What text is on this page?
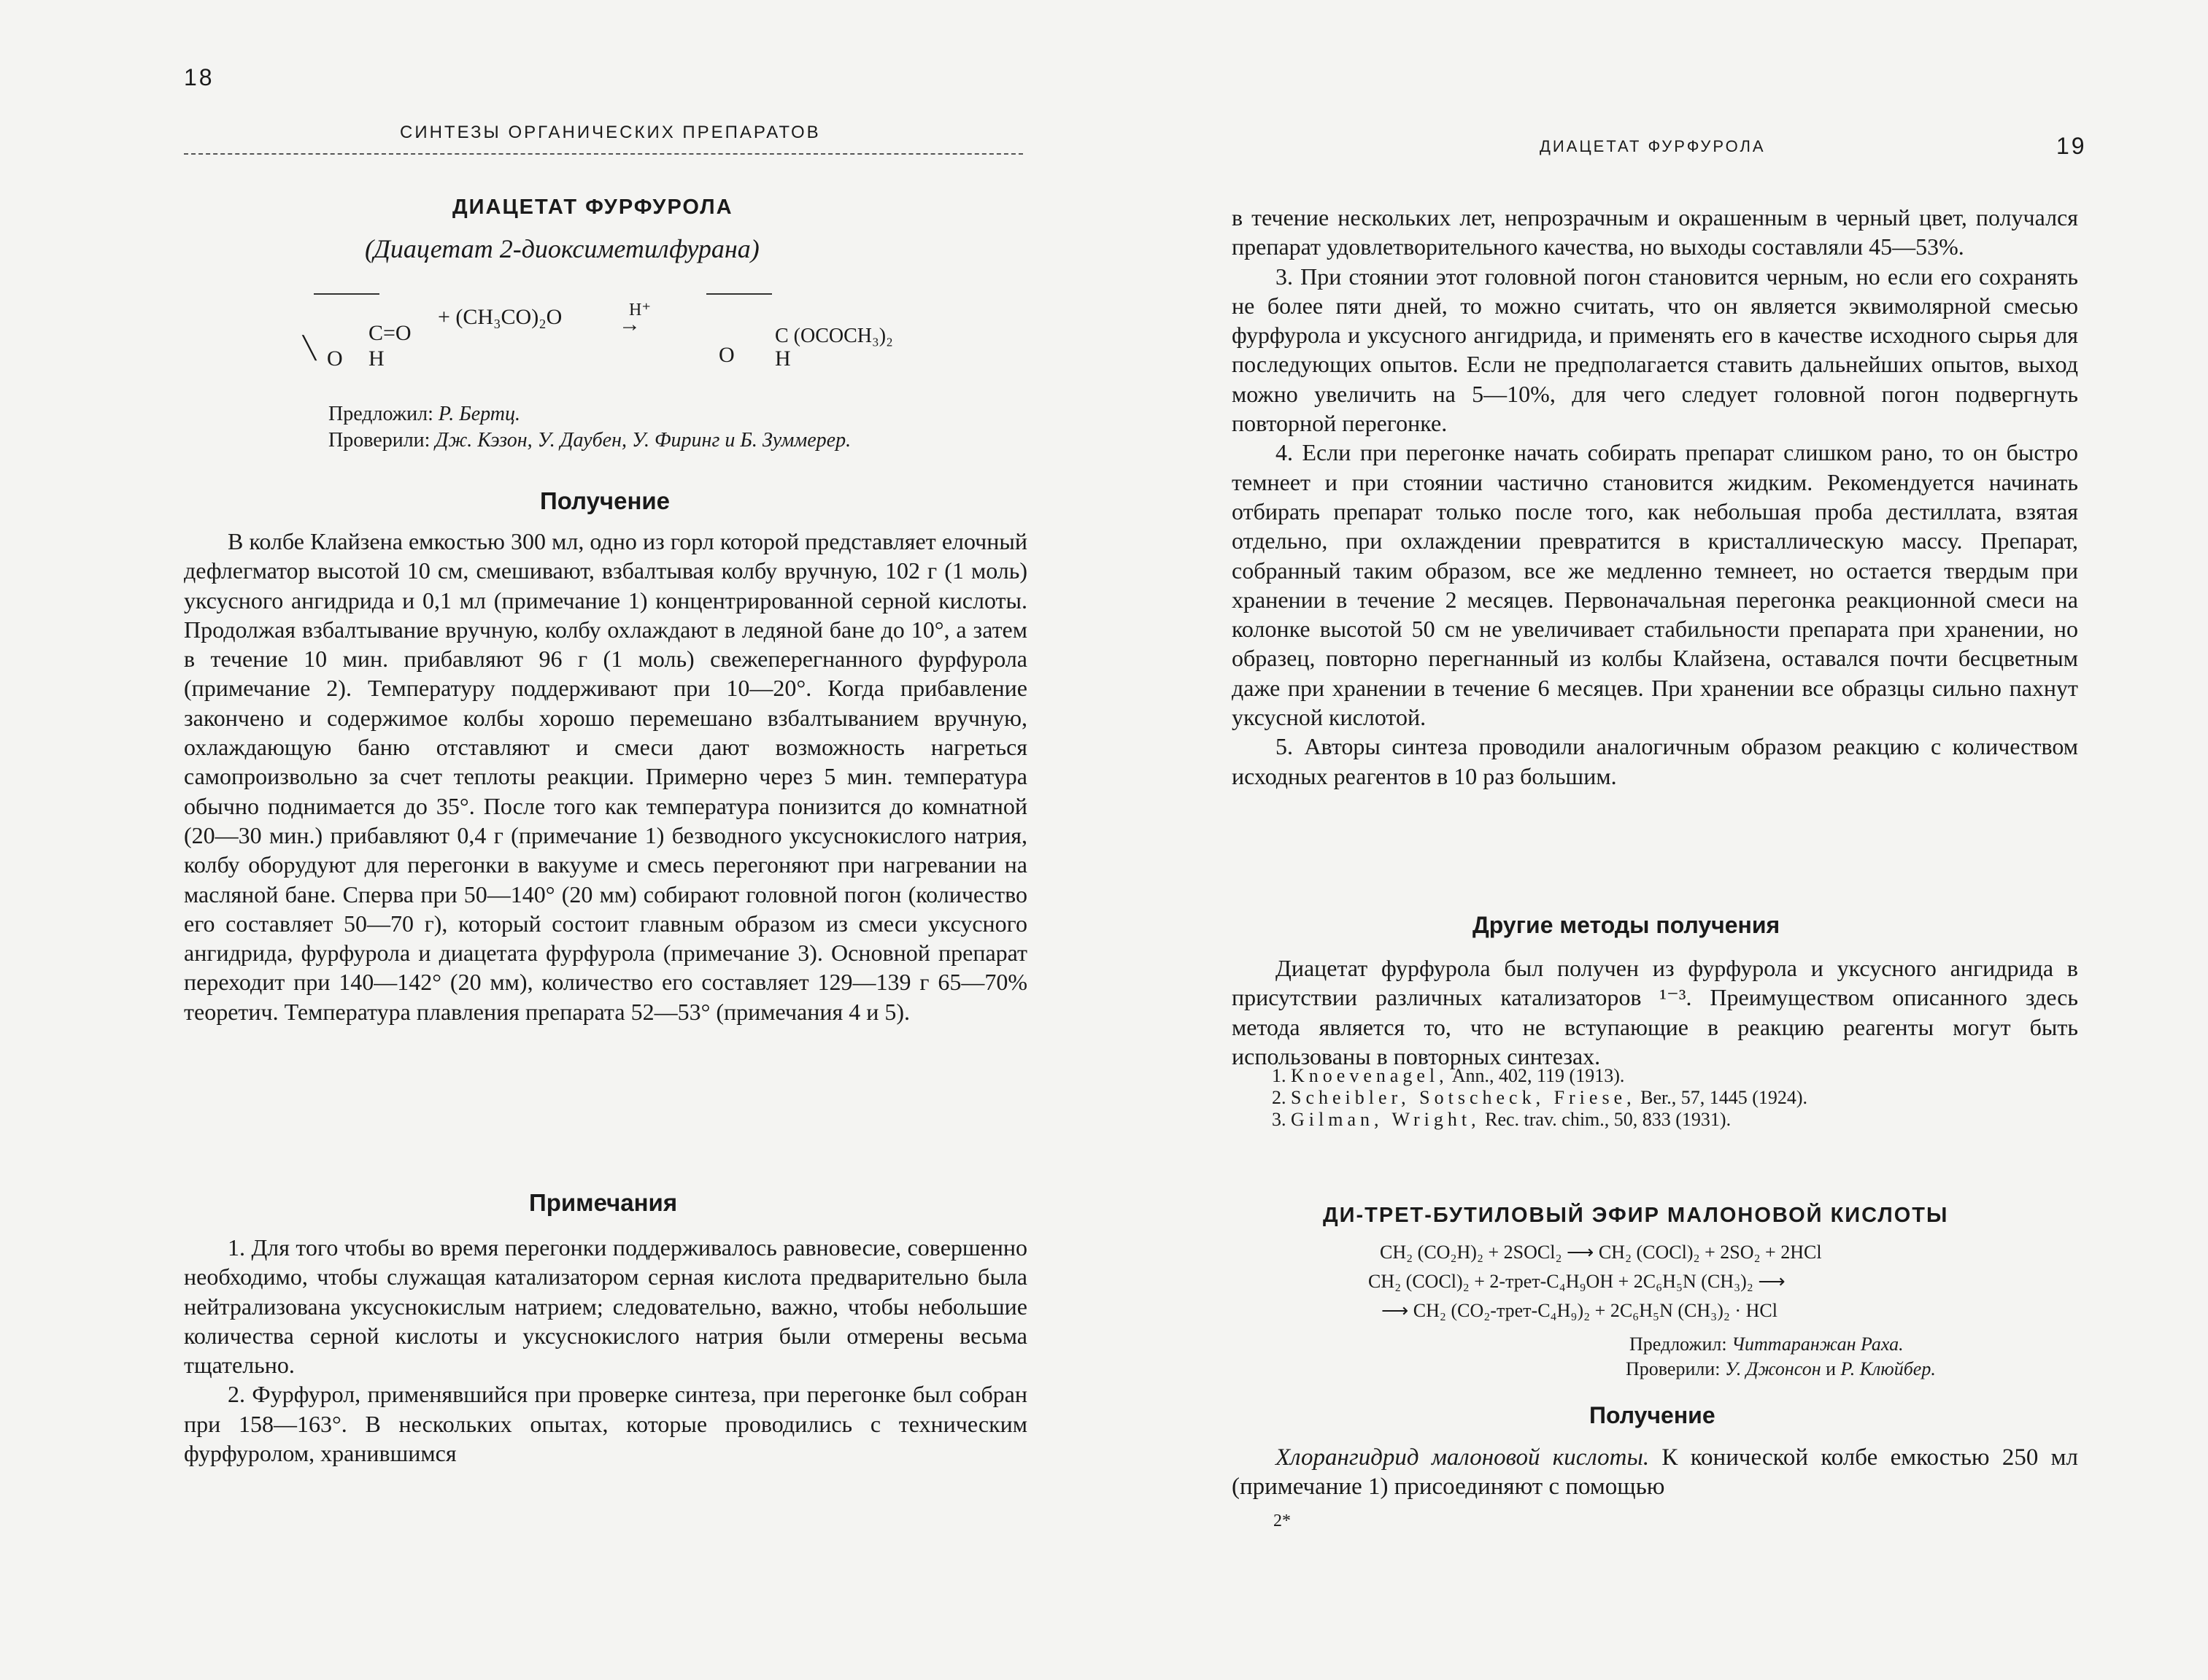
18
СИНТЕЗЫ ОРГАНИЧЕСКИХ ПРЕПАРАТОВ
ДИАЦЕТАТ ФУРФУРОЛА
(Диацетат 2-диоксиметилфурана)
╲ O
C=O
H
+ (CH₃CO)₂O	H⁺
→
O
C (OCOCH₃)₂
H
Предложил: Р. Бертц.
Проверили: Дж. Кэзон, У. Даубен, У. Фиринг и Б. Зуммерер.
Получение

В колбе Клайзена емкостью 300 мл, одно из горл которой представляет елочный дефлегматор высотой 10 см, смешивают, взбалтывая колбу вручную, 102 г (1 моль) уксусного ангидрида и 0,1 мл (примечание 1) концентрированной серной кислоты. Продолжая взбалтывание вручную, колбу охлаждают в ледяной бане до 10°, а затем в течение 10 мин. прибавляют 96 г (1 моль) свежеперегнанного фурфурола (примечание 2). Температуру поддерживают при 10—20°. Когда прибавление закончено и содержимое колбы хорошо перемешано взбалтыванием вручную, охлаждающую баню отставляют и смеси дают возможность нагреться самопроизвольно за счет теплоты реакции. Примерно через 5 мин. температура обычно поднимается до 35°. После того как температура понизится до комнатной (20—30 мин.) прибавляют 0,4 г (примечание 1) безводного уксуснокислого натрия, колбу оборудуют для перегонки в вакууме и смесь перегоняют при нагревании на масляной бане. Сперва при 50—140° (20 мм) собирают головной погон (количество его составляет 50—70 г), который состоит главным образом из смеси уксусного ангидрида, фурфурола и диацетата фурфурола (примечание 3). Основной препарат переходит при 140—142° (20 мм), количество его составляет 129—139 г 65—70% теоретич. Температура плавления препарата 52—53° (примечания 4 и 5).

Примечания

1. Для того чтобы во время перегонки поддерживалось равновесие, совершенно необходимо, чтобы служащая катализатором серная кислота предварительно была нейтрализована уксуснокислым натрием; следовательно, важно, чтобы небольшие количества серной кислоты и уксуснокислого натрия были отмерены весьма тщательно.

2. Фурфурол, применявшийся при проверке синтеза, при перегонке был собран при 158—163°. В нескольких опытах, которые проводились с техническим фурфуролом, хранившимся

ДИАЦЕТАТ ФУРФУРОЛА	19

в течение нескольких лет, непрозрачным и окрашенным в черный цвет, получался препарат удовлетворительного качества, но выходы составляли 45—53%.

3. При стоянии этот головной погон становится черным, но если его сохранять не более пяти дней, то можно считать, что он является эквимолярной смесью фурфурола и уксусного ангидрида, и применять его в качестве исходного сырья для последующих опытов. Если не предполагается ставить дальнейших опытов, выход можно увеличить на 5—10%, для чего следует головной погон подвергнуть повторной перегонке.

4. Если при перегонке начать собирать препарат слишком рано, то он быстро темнеет и при стоянии частично становится жидким. Рекомендуется начинать отбирать препарат только после того, как небольшая проба дестиллата, взятая отдельно, при охлаждении превратится в кристаллическую массу. Препарат, собранный таким образом, все же медленно темнеет, но остается твердым при хранении в течение 2 месяцев. Первоначальная перегонка реакционной смеси на колонке высотой 50 см не увеличивает стабильности препарата при хранении, но образец, повторно перегнанный из колбы Клайзена, оставался почти бесцветным даже при хранении в течение 6 месяцев. При хранении все образцы сильно пахнут уксусной кислотой.

5. Авторы синтеза проводили аналогичным образом реакцию с количеством исходных реагентов в 10 раз большим.

Другие методы получения

Диацетат фурфурола был получен из фурфурола и уксусного ангидрида в присутствии различных катализаторов ¹⁻³. Преимуществом описанного здесь метода является то, что не вступающие в реакцию реагенты могут быть использованы в повторных синтезах.

1. Knoevenagel, Ann., 402, 119 (1913).
2. Scheibler, Sotscheck, Friese, Ber., 57, 1445 (1924).
3. Gilman, Wright, Rec. trav. chim., 50, 833 (1931).
ДИ-ТРЕТ-БУТИЛОВЫЙ ЭФИР МАЛОНОВОЙ КИСЛОТЫ
CH₂ (CO₂H)₂ + 2SOCl₂ ⟶ CH₂ (COCl)₂ + 2SO₂ + 2HCl
CH₂ (COCl)₂ + 2-трет-C₄H₉OH + 2C₆H₅N (CH₃)₂ ⟶
⟶ CH₂ (CO₂-трет-C₄H₉)₂ + 2C₆H₅N (CH₃)₂ · HCl
Предложил: Читтаранжан Раха.
Проверили: У. Джонсон и Р. Клюйбер.
Получение

Хлорангидрид малоновой кислоты. К конической колбе емкостью 250 мл (примечание 1) присоединяют с помощью

2*
